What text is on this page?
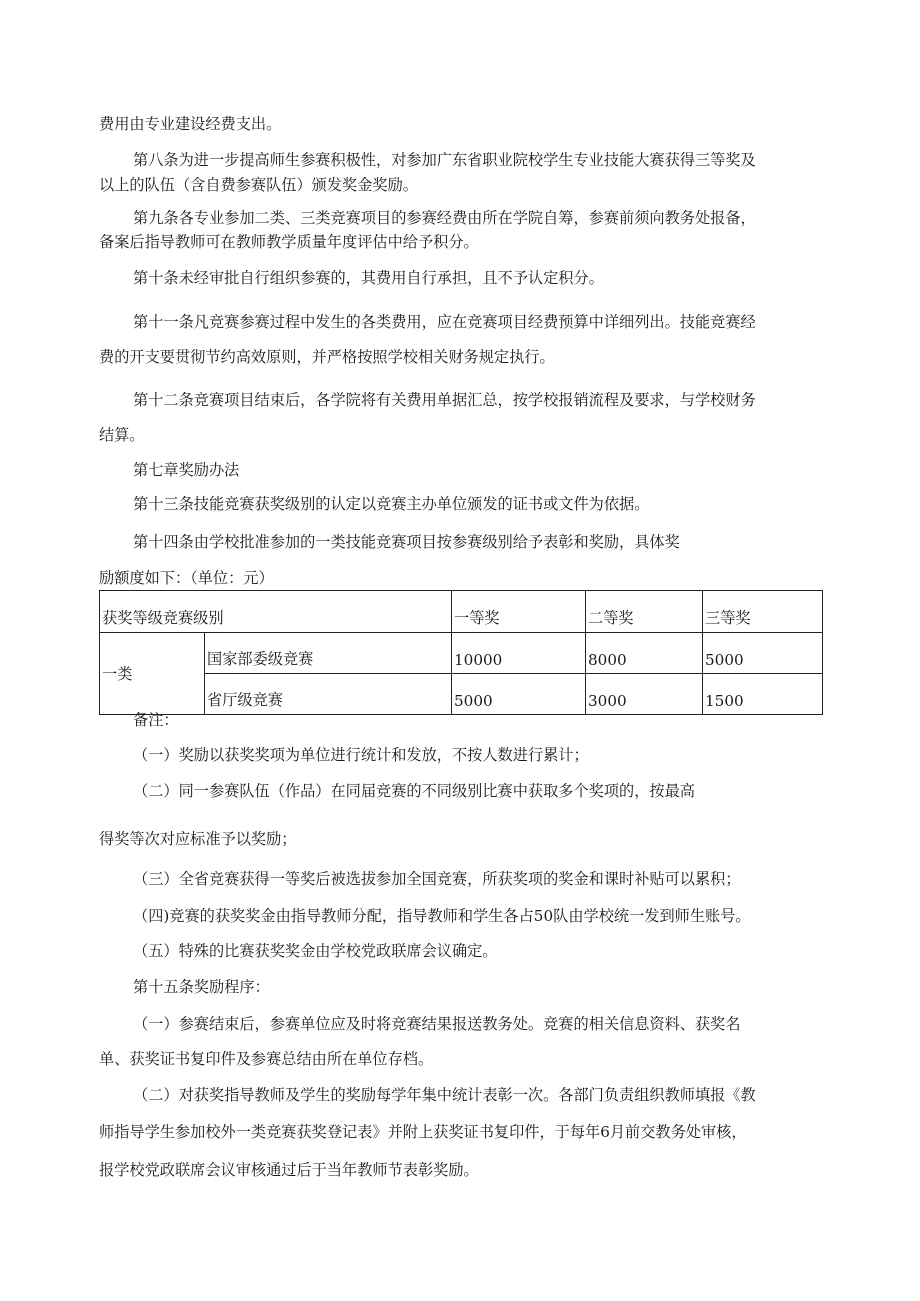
费用由专业建设经费支出。

第八条为进一步提高师生参赛积极性，对参加广东省职业院校学生专业技能大赛获得三等奖及

以上的队伍（含自费参赛队伍）颁发奖金奖励。

第九条各专业参加二类、三类竞赛项目的参赛经费由所在学院自筹，参赛前须向教务处报备，

备案后指导教师可在教师教学质量年度评估中给予积分。

第十条未经审批自行组织参赛的，其费用自行承担，且不予认定积分。

第十一条凡竞赛参赛过程中发生的各类费用，应在竞赛项目经费预算中详细列出。技能竞赛经

费的开支要贯彻节约高效原则，并严格按照学校相关财务规定执行。

第十二条竞赛项目结束后，各学院将有关费用单据汇总，按学校报销流程及要求，与学校财务

结算。

第七章奖励办法

第十三条技能竞赛获奖级别的认定以竞赛主办单位颁发的证书或文件为依据。

第十四条由学校批准参加的一类技能竞赛项目按参赛级别给予表彰和奖励，具体奖

励额度如下：（单位：元）

获奖等级竞赛级别		一等奖	二等奖	三等奖
一类	国家部委级竞赛	10000	8000	5000
	省厅级竞赛	5000	3000	1500

备注：

（一）奖励以获奖奖项为单位进行统计和发放，不按人数进行累计；

（二）同一参赛队伍（作品）在同届竞赛的不同级别比赛中获取多个奖项的，按最高

得奖等次对应标准予以奖励；

（三）全省竞赛获得一等奖后被选拔参加全国竞赛，所获奖项的奖金和课时补贴可以累积；

（四)竞赛的获奖奖金由指导教师分配，指导教师和学生各占50队由学校统一发到师生账号。

（五）特殊的比赛获奖奖金由学校党政联席会议确定。

第十五条奖励程序：

（一）参赛结束后，参赛单位应及时将竞赛结果报送教务处。竞赛的相关信息资料、获奖名

单、获奖证书复印件及参赛总结由所在单位存档。

（二）对获奖指导教师及学生的奖励每学年集中统计表彰一次。各部门负责组织教师填报《教

师指导学生参加校外一类竞赛获奖登记表》并附上获奖证书复印件，于每年6月前交教务处审核，

报学校党政联席会议审核通过后于当年教师节表彰奖励。
